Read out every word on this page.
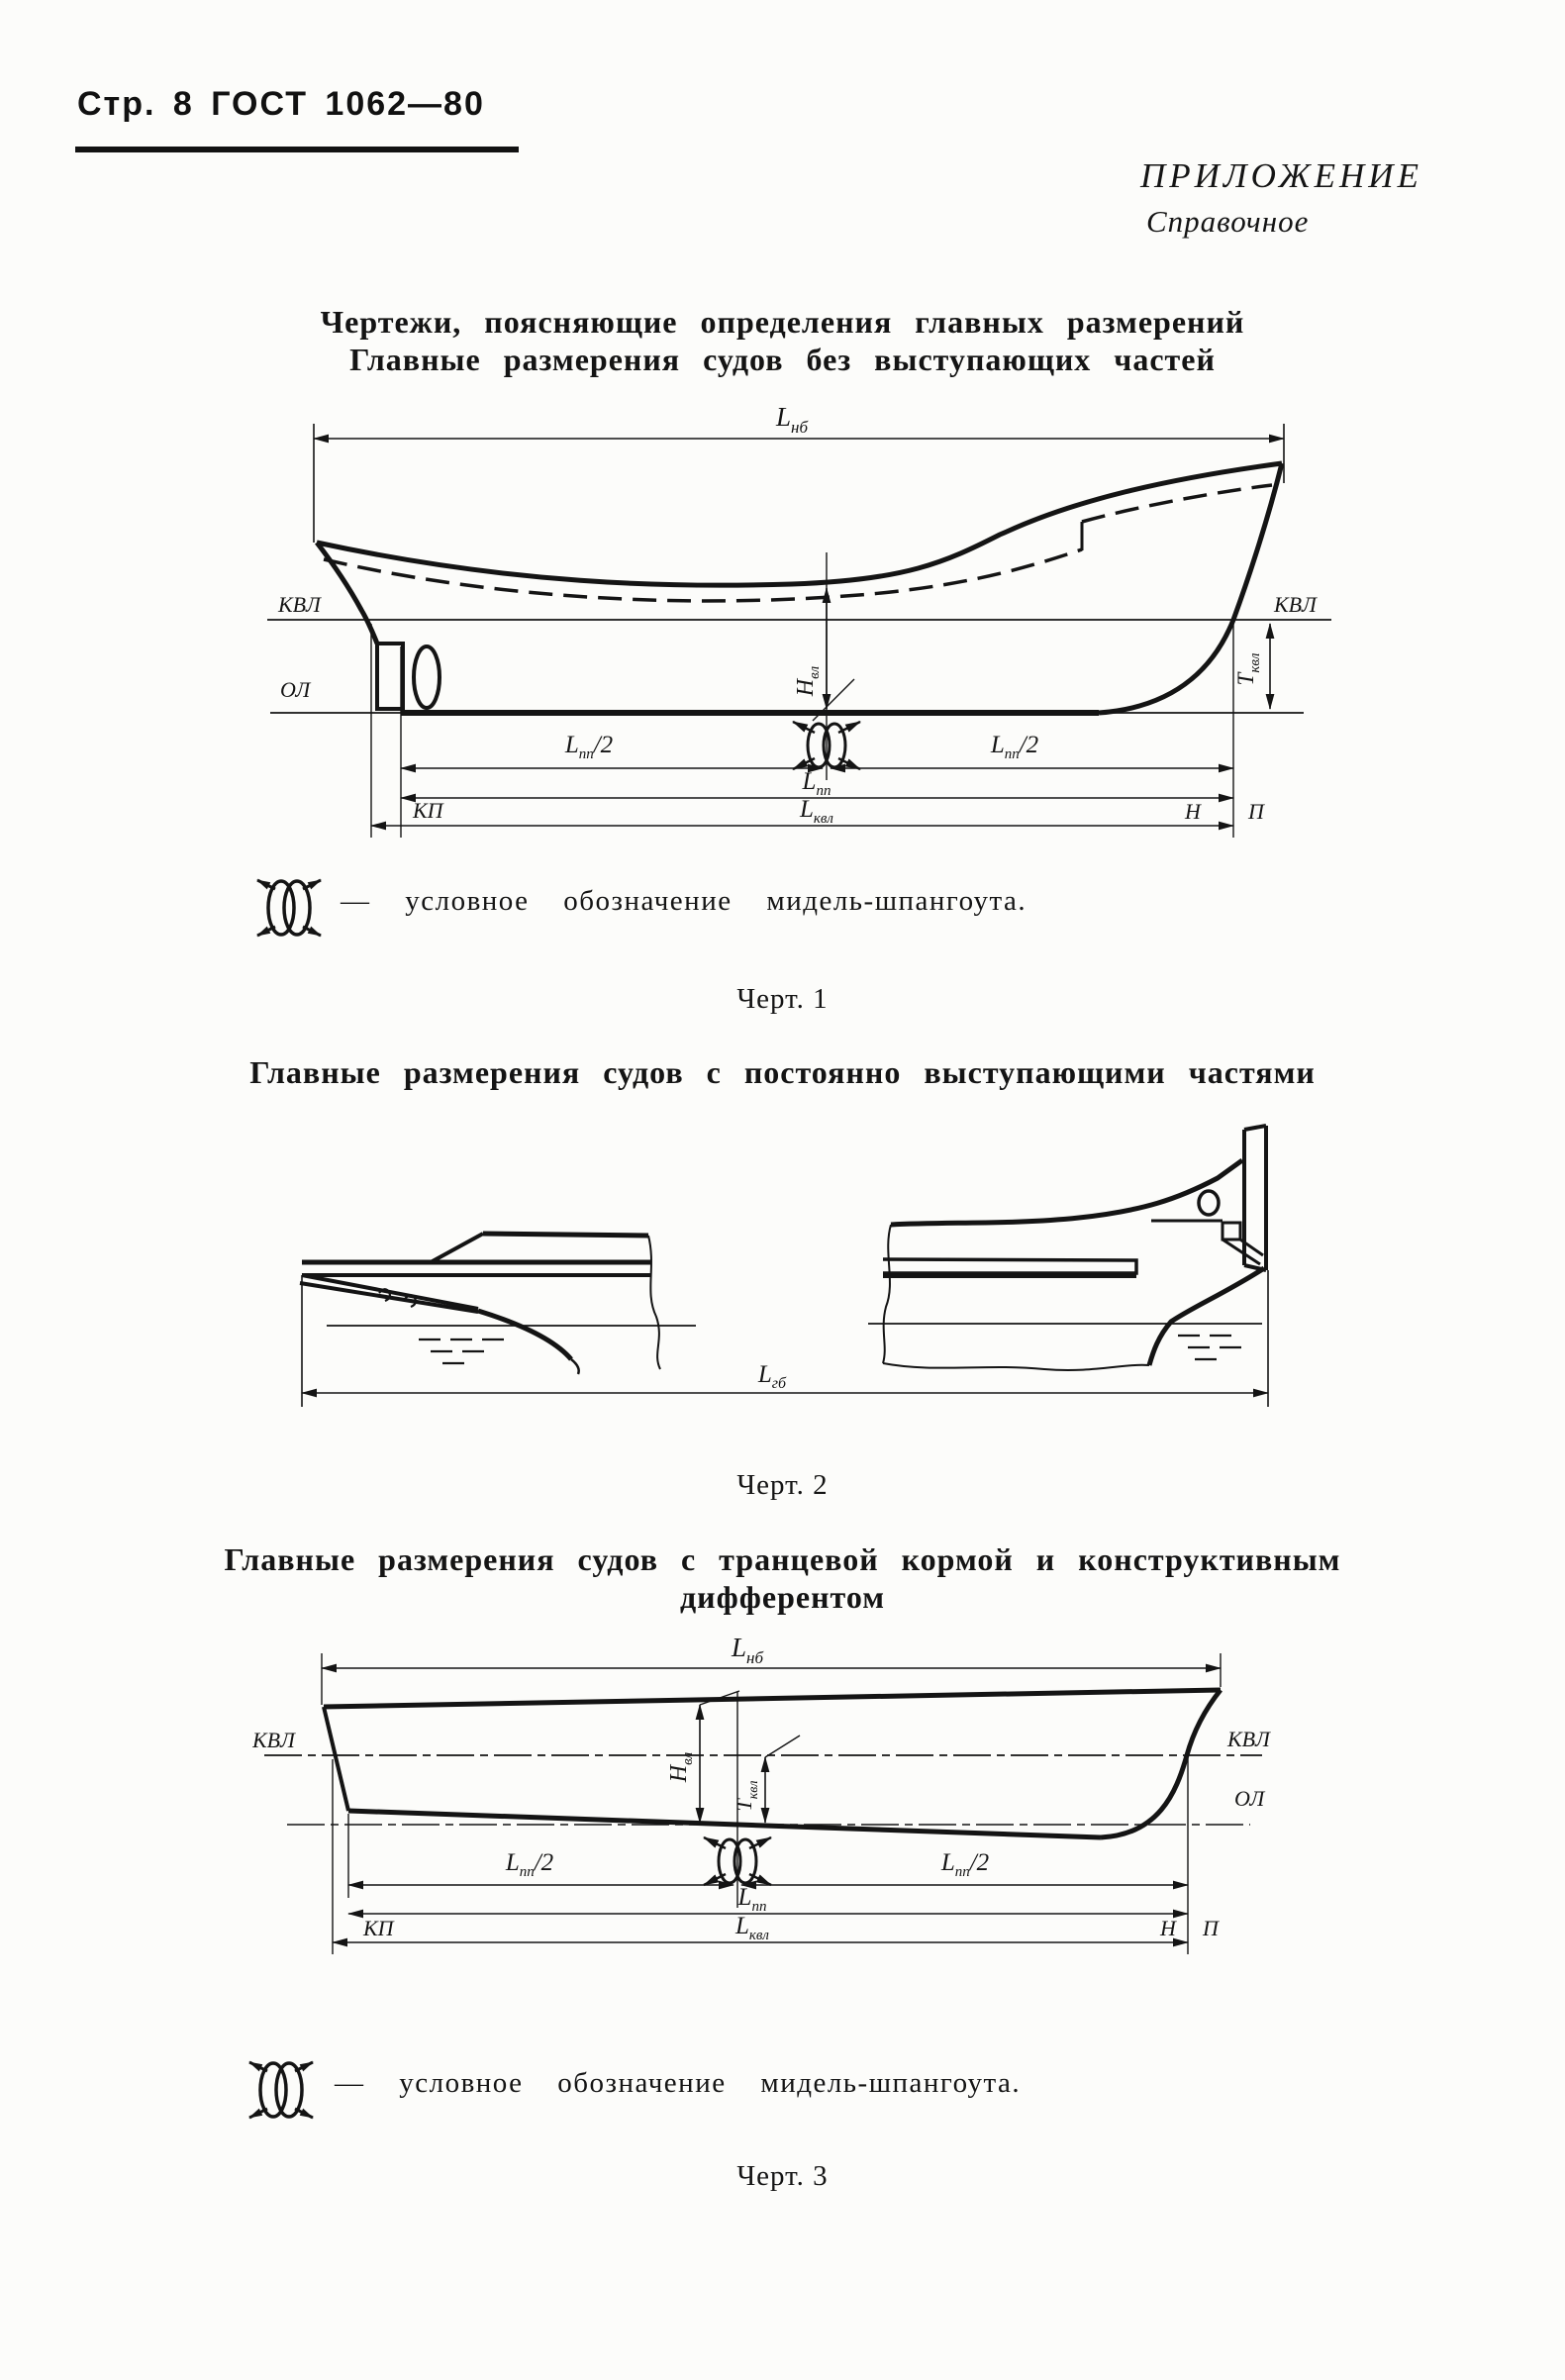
Стр. 8 ГОСТ 1062—80
ПРИЛОЖЕНИЕ
Справочное
Чертежи, поясняющие определения главных размерений
Главные размерения судов без выступающих частей
$L_{нб}$
КВЛ	КВЛ
ОЛ	$Н_{вл}$
$Т_{квл}$
$L_{пп}/2$	$L_{пп}/2$
$L_{пп}$
КП	$L_{квл}$	Н П
— условное обозначение мидель-шпангоута.
Черт. 1
Главные размерения судов с постоянно выступающими частями
$L_{гб}$
Черт. 2
Главные размерения судов с транцевой кормой и конструктивным
дифферентом
$L_{нб}$
КВЛ	КВЛ
ОЛ
$Н_{вл}$
$Т_{квл}$
$L_{пп}/2$	$L_{пп}/2$
$L_{пп}$
КП	$L_{квл}$	Н П
— условное обозначение мидель-шпангоута.
Черт. 3
